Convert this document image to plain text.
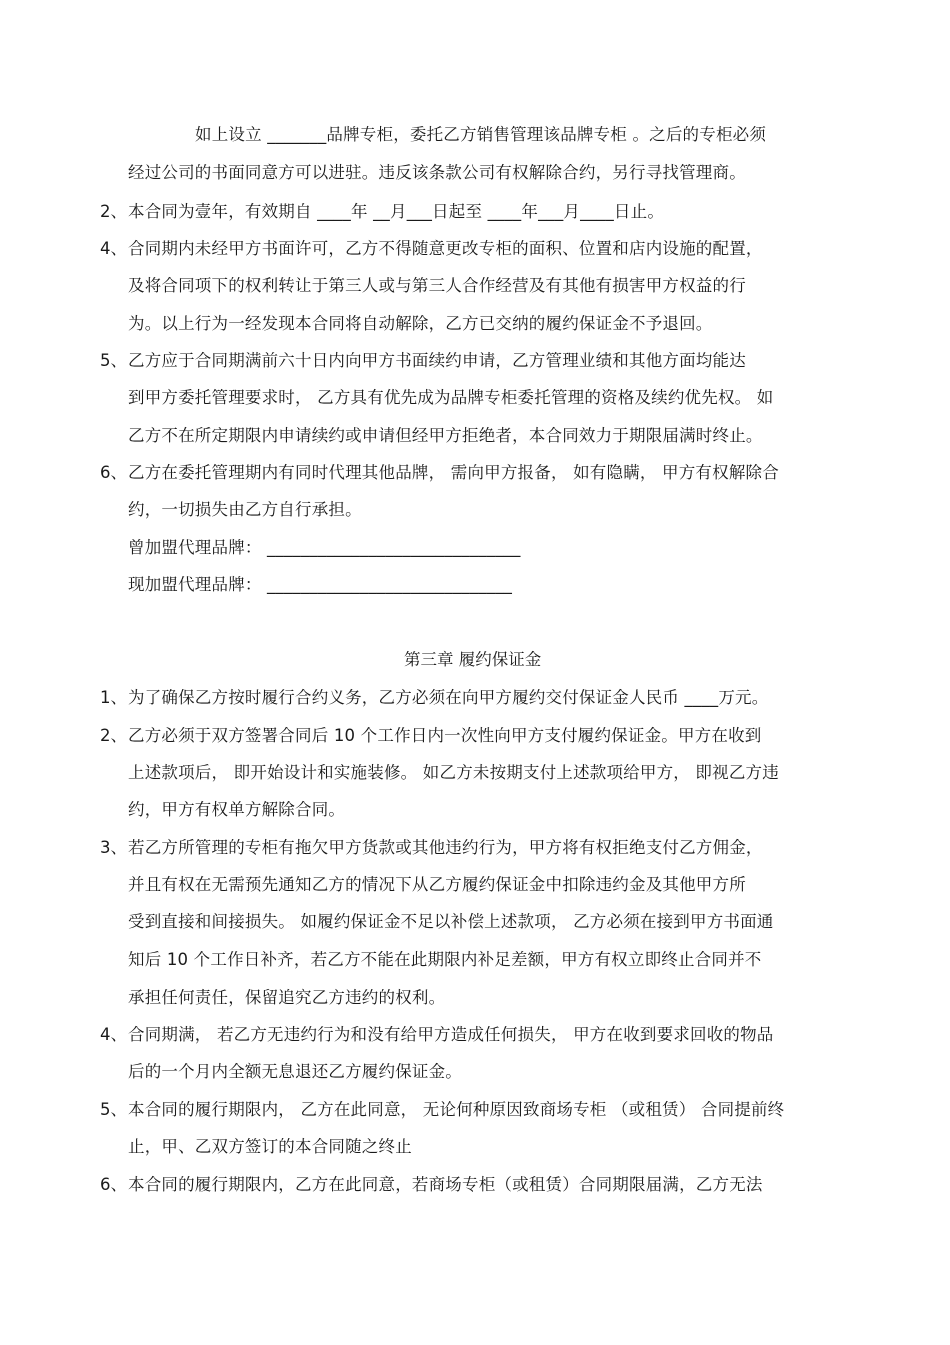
如上设立 _______品牌专柜，委托乙方销售管理该品牌专柜 。之后的专柜必须
经过公司的书面同意方可以进驻。违反该条款公司有权解除合约，另行寻找管理商。
2、 本合同为壹年，有效期自 ____年 __月___日起至 ____年___月____日止。
4、 合同期内未经甲方书面许可，乙方不得随意更改专柜的面积、位置和店内设施的配置，
及将合同项下的权利转让于第三人或与第三人合作经营及有其他有损害甲方权益的行
为。以上行为一经发现本合同将自动解除，乙方已交纳的履约保证金不予退回。
5、 乙方应于合同期满前六十日内向甲方书面续约申请，乙方管理业绩和其他方面均能达
到甲方委托管理要求时， 乙方具有优先成为品牌专柜委托管理的资格及续约优先权。 如
乙方不在所定期限内申请续约或申请但经甲方拒绝者，本合同效力于期限届满时终止。
6、 乙方在委托管理期内有同时代理其他品牌， 需向甲方报备， 如有隐瞒， 甲方有权解除合
约，一切损失由乙方自行承担。
曾加盟代理品牌： ______________________________
现加盟代理品牌： _____________________________
第三章 履约保证金
1、 为了确保乙方按时履行合约义务，乙方必须在向甲方履约交付保证金人民币 ____万元。
2、 乙方必须于双方签署合同后 10 个工作日内一次性向甲方支付履约保证金。甲方在收到
上述款项后， 即开始设计和实施装修。 如乙方未按期支付上述款项给甲方， 即视乙方违
约，甲方有权单方解除合同。
3、 若乙方所管理的专柜有拖欠甲方货款或其他违约行为，甲方将有权拒绝支付乙方佣金，
并且有权在无需预先通知乙方的情况下从乙方履约保证金中扣除违约金及其他甲方所
受到直接和间接损失。 如履约保证金不足以补偿上述款项， 乙方必须在接到甲方书面通
知后 10 个工作日补齐，若乙方不能在此期限内补足差额，甲方有权立即终止合同并不
承担任何责任，保留追究乙方违约的权利。
4、 合同期满， 若乙方无违约行为和没有给甲方造成任何损失， 甲方在收到要求回收的物品
后的一个月内全额无息退还乙方履约保证金。
5、 本合同的履行期限内， 乙方在此同意， 无论何种原因致商场专柜 （或租赁） 合同提前终
止，甲、乙双方签订的本合同随之终止
6、 本合同的履行期限内，乙方在此同意，若商场专柜（或租赁）合同期限届满，乙方无法
